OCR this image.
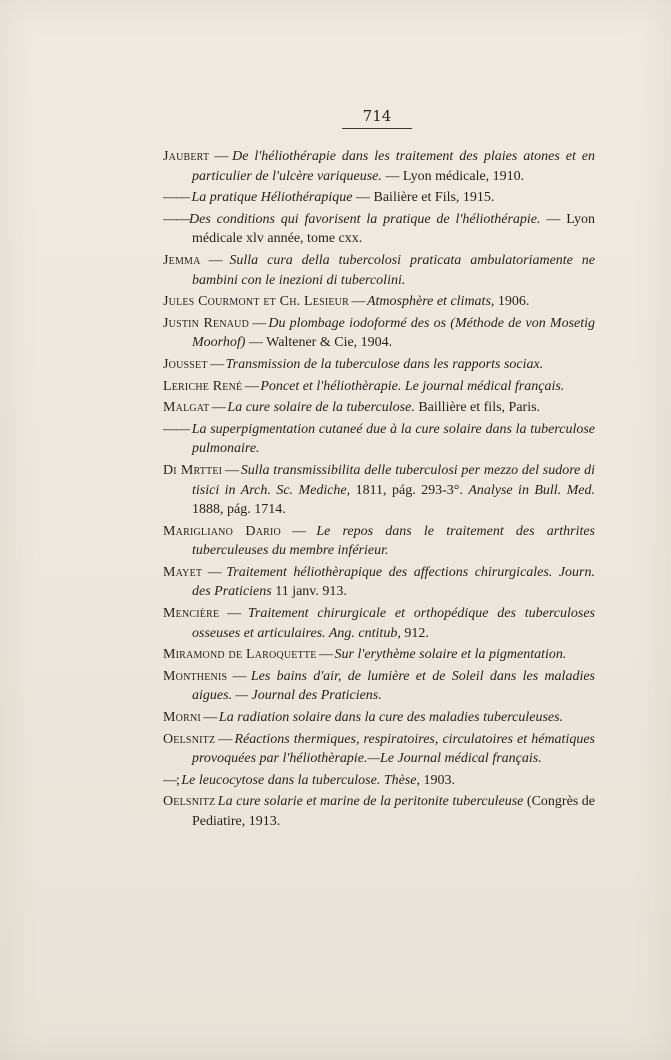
714

Jaubert — De l'héliothérapie dans les traitement des plaies atones et en particulier de l'ulcère variqueuse. — Lyon médicale, 1910.

—— La pratique Héliothérapique — Bailière et Fils, 1915.

——Des conditions qui favorisent la pratique de l'héliothérapie. — Lyon médicale xlv année, tome cxx.

Jemma — Sulla cura della tubercolosi praticata ambulatoriamente ne bambini con le inezioni di tubercolini.

Jules Courmont et Ch. Lesieur — Atmosphère et climats, 1906.

Justin Renaud — Du plombage iodoformé des os (Méthode de von Mosetig Moorhof) — Waltener & Cie, 1904.

Jousset — Transmission de la tuberculose dans les rapports sociax.

Leriche René — Poncet et l'héliothèrapie. Le journal médical français.

Malgat — La cure solaire de la tuberculose. Baillière et fils, Paris.

—— La superpigmentation cutaneé due à la cure solaire dans la tuberculose pulmonaire.

Di Mrttei — Sulla transmissibilita delle tuberculosi per mezzo del sudore di tisici in Arch. Sc. Mediche, 1811, pág. 293-3°. Analyse in Bull. Med. 1888, pág. 1714.

Marigliano Dario — Le repos dans le traitement des arthrites tuberculeuses du membre inférieur.

Mayet — Traitement héliothèrapique des affections chirurgicales. Journ. des Praticiens 11 janv. 913.

Mencière — Traitement chirurgicale et orthopédique des tuberculoses osseuses et articulaires. Ang. cntitub, 912.

Miramond de Laroquette — Sur l'erythème solaire et la pigmentation.

Monthenis — Les bains d'air, de lumière et de Soleil dans les maladies aigues. — Journal des Praticiens.

Morni — La radiation solaire dans la cure des maladies tuberculeuses.

Oelsnitz — Réactions thermiques, respiratoires, circulatoires et hématiques provoquées par l'héliothèrapie.—Le Journal médical français.

—; Le leucocytose dans la tuberculose. Thèse, 1903.

Oelsnitz La cure solarie et marine de la peritonite tuberculeuse (Congrès de Pediatire, 1913.
